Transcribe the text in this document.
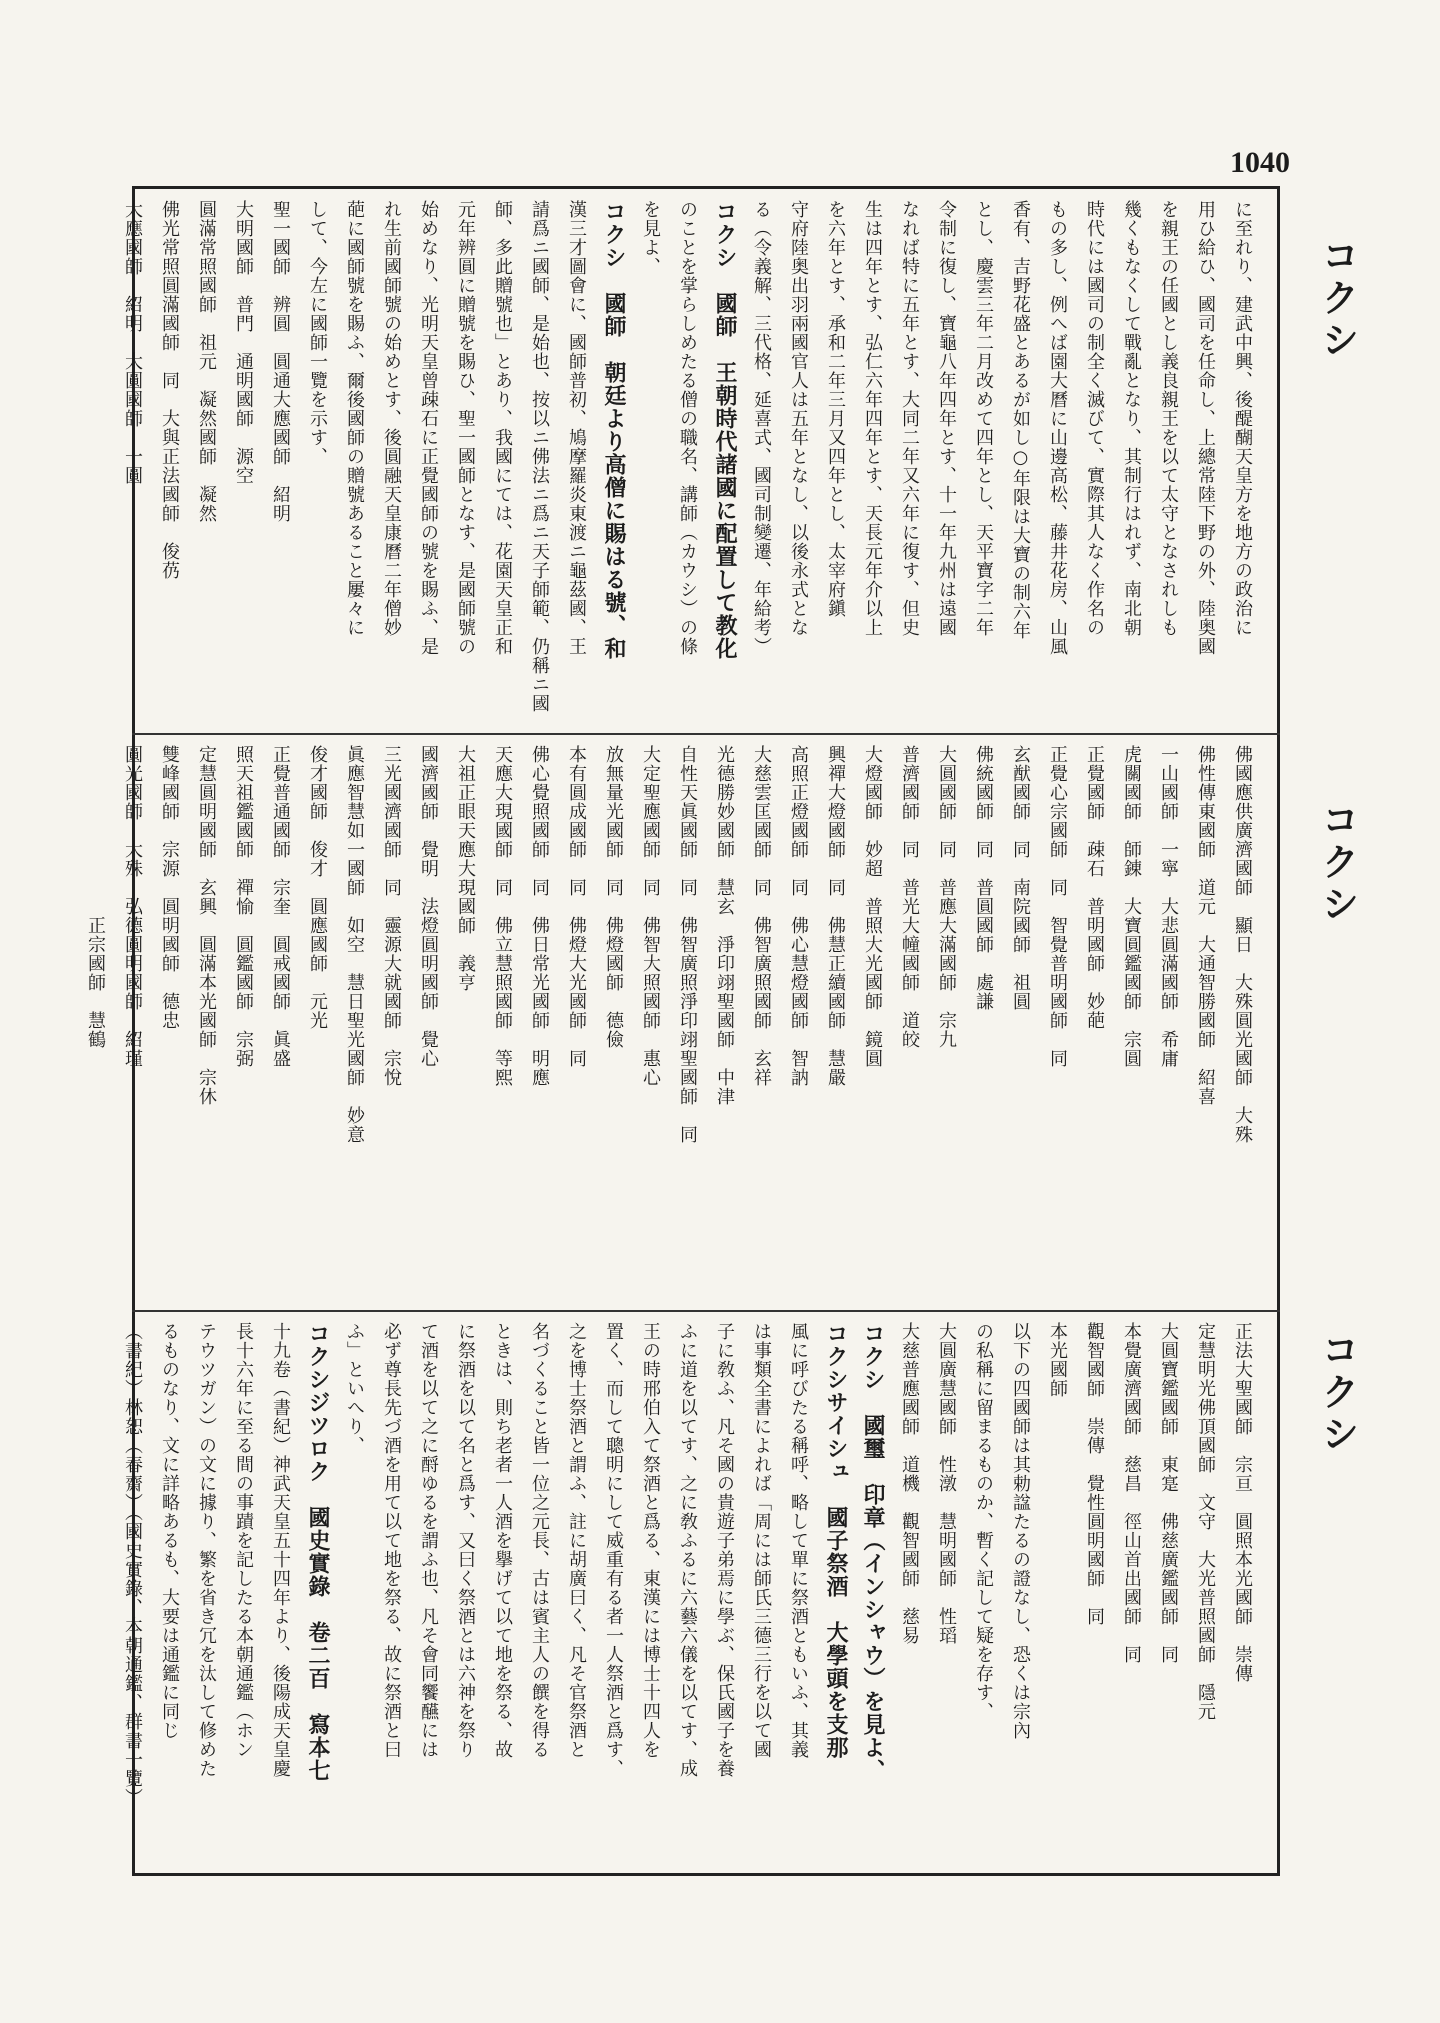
1040
コクシ
コクシ
コクシ
に至れり、建武中興、後醍醐天皇方を地方の政治に
用ひ給ひ、國司を任命し、上總常陸下野の外、陸奥國
を親王の任國とし義良親王を以て太守となされしも
幾くもなくして戰亂となり、其制行はれず、南北朝
時代には國司の制全く滅びて、實際其人なく作名の
もの多し、例へば園大曆に山邊高松、藤井花房、山風
香有、吉野花盛とあるが如し○年限は大寶の制六年
とし、慶雲三年二月改めて四年とし、天平寶字二年
令制に復し、寶龜八年四年とす、十一年九州は遠國
なれば特に五年とす、大同二年又六年に復す、但史
生は四年とす、弘仁六年四年とす、天長元年介以上
を六年とす、承和二年三月又四年とし、太宰府鎭
守府陸奥出羽兩國官人は五年となし、以後永式とな
る（令義解、三代格、延喜式、國司制變遷、年給考）
コクシ　國師　王朝時代諸國に配置して教化
のことを掌らしめたる僧の職名、講師（カウシ）の條
を見よ、
コクシ　國師　朝廷より高僧に賜はる號、和
漢三才圖會に、國師普初、鳩摩羅炎東渡ニ龜茲國、王
請爲ニ國師、是始也、按以ニ佛法ニ爲ニ天子師範、仍稱ニ國
師、多此贈號也」とあり、我國にては、花園天皇正和
元年辨圓に贈號を賜ひ、聖一國師となす、是國師號の
始めなり、光明天皇曾疎石に正覺國師の號を賜ふ、是
れ生前國師號の始めとす、後圓融天皇康曆二年僧妙
葩に國師號を賜ふ、爾後國師の贈號あること屢々に
して、今左に國師一覽を示す、
聖一國師　辨圓　圓通大應國師　紹明
大明國師　普門　通明國師　源空
圓滿常照國師　祖元　凝然國師　凝然
佛光常照圓滿國師　同　大與正法國師　俊芿
大應國師　紹明　大圓國師　一圓
佛國應供廣濟國師　顯日　大殊圓光國師　大殊
佛性傳東國師　道元　大通智勝國師　紹喜
一山國師　一寧　大悲圓滿國師　希庸
虎關國師　師錬　大寶圓鑑國師　宗圓
正覺國師　疎石　普明國師　妙葩
正覺心宗國師　同　智覺普明國師　同
玄猷國師　同　南院國師　祖圓
佛統國師　同　普圓國師　處謙
大圓國師　同　普應大滿國師　宗九
普濟國師　同　普光大幢國師　道皎
大燈國師　妙超　普照大光國師　鏡圓
興禪大燈國師　同　佛慧正續國師　慧嚴
高照正燈國師　同　佛心慧燈國師　智訥
大慈雲匡國師　同　佛智廣照國師　玄祥
光德勝妙國師　慧玄　淨印翊聖國師　中津
自性天眞國師　同　佛智廣照淨印翊聖國師　同
大定聖應國師　同　佛智大照國師　惠心
放無量光國師　同　佛燈國師　德儉
本有圓成國師　同　佛燈大光國師　同
佛心覺照國師　同　佛日常光國師　明應
天應大現國師　同　佛立慧照國師　等熙
大祖正眼天應大現國師　義亨
國濟國師　覺明　法燈圓明國師　覺心
三光國濟國師　同　靈源大就國師　宗悅
眞應智慧如一國師　如空　慧日聖光國師　妙意
俊才國師　俊才　圓應國師　元光
正覺普通國師　宗奎　圓戒國師　眞盛
照天祖鑑國師　禪愉　圓鑑國師　宗弼
定慧圓明國師　玄興　圓滿本光國師　宗休
雙峰國師　宗源　圓明國師　德忠
圓光國師　大殊　弘德圓明國師　紹瑾
　　　　　　　　　正宗國師　慧鶴
正法大聖國師　宗亘　圓照本光國師　崇傳
定慧明光佛頂國師　文守　大光普照國師　隱元
大圓寶鑑國師　東寔　佛慈廣鑑國師　同
本覺廣濟國師　慈昌　徑山首出國師　同
觀智國師　崇傳　覺性圓明國師　同
本光國師
以下の四國師は其勅諡たるの證なし、恐くは宗內
の私稱に留まるものか、暫く記して疑を存す、
大圓廣慧國師　性潡　慧明國師　性瑫
大慈普應國師　道機　觀智國師　慈易
コクシ　國璽　印章（インシャウ）を見よ、
コクシサイシュ　國子祭酒　大學頭を支那
風に呼びたる稱呼、略して單に祭酒ともいふ、其義
は事類全書によれば「周には師氏三德三行を以て國
子に敎ふ、凡そ國の貴遊子弟焉に學ぶ、保氏國子を養
ふに道を以てす、之に敎ふるに六藝六儀を以てす、成
王の時邢伯入て祭酒と爲る、東漢には博士十四人を
置く、而して聰明にして威重有る者一人祭酒と爲す、
之を博士祭酒と謂ふ、註に胡廣曰く、凡そ官祭酒と
名づくること皆一位之元長、古は賓主人の饌を得る
ときは、則ち老者一人酒を擧げて以て地を祭る、故
に祭酒を以て名と爲す、又曰く祭酒とは六神を祭り
て酒を以て之に酹ゆるを謂ふ也、凡そ會同饗醼には
必ず尊長先づ酒を用て以て地を祭る、故に祭酒と曰
ふ」といへり、
コクシジツロク　國史實錄　卷二百　寫本七
十九卷（書紀）神武天皇五十四年より、後陽成天皇慶
長十六年に至る間の事蹟を記したる本朝通鑑（ホン
テウツガン）の文に據り、繁を省き冗を汰して修めた
るものなり、文に詳略あるも、大要は通鑑に同じ
（書紀）林恕（春齋）（國史實錄、本朝通鑑、群書一覽）
